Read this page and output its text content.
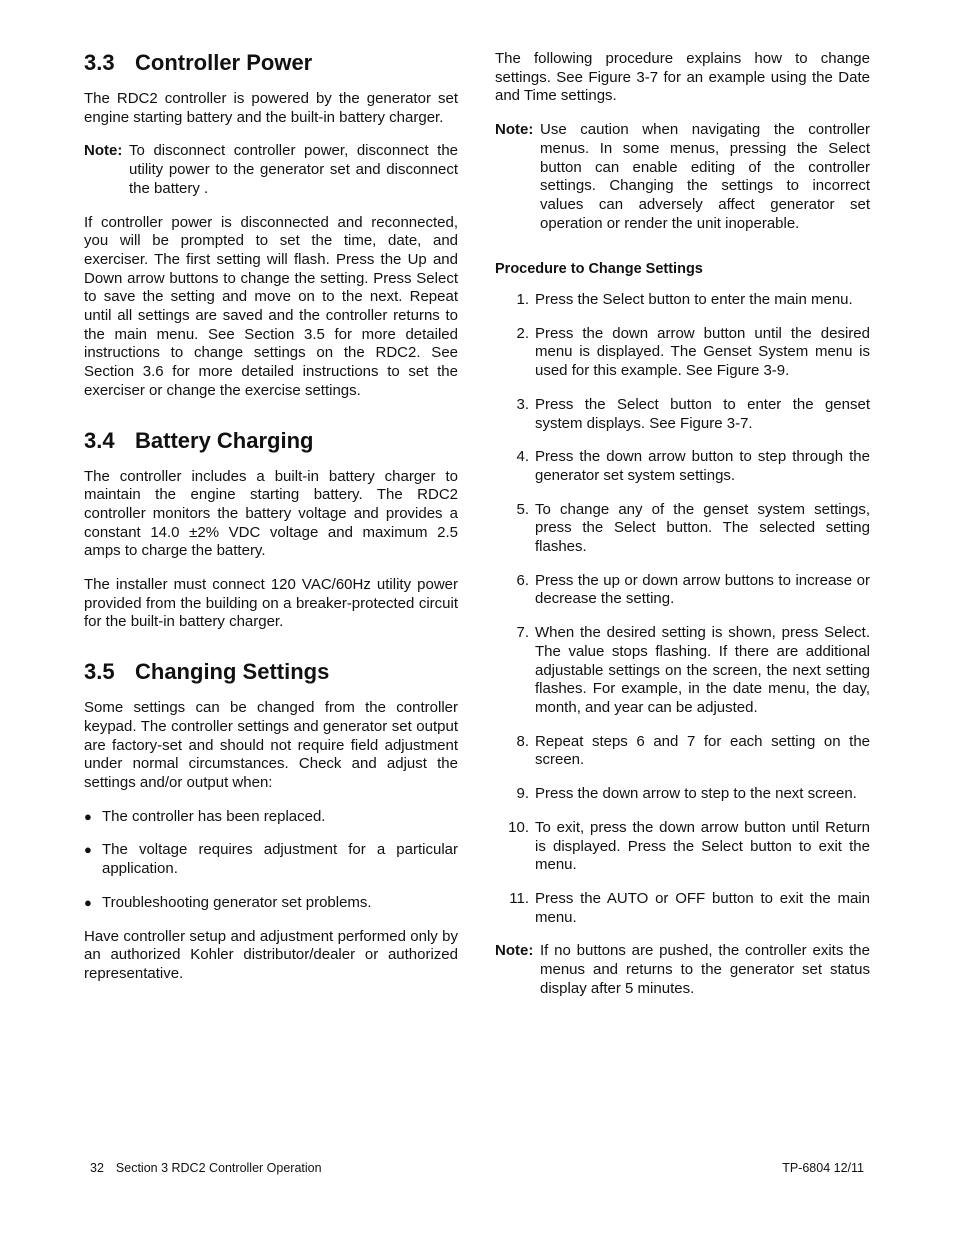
3.3 Controller Power

The RDC2 controller is powered by the generator set engine starting battery and the built-in battery charger.

Note: To disconnect controller power, disconnect the utility power to the generator set and disconnect the battery .

If controller power is disconnected and reconnected, you will be prompted to set the time, date, and exerciser. The first setting will flash. Press the Up and Down arrow buttons to change the setting. Press Select to save the setting and move on to the next. Repeat until all settings are saved and the controller returns to the main menu. See Section 3.5 for more detailed instructions to change settings on the RDC2. See Section 3.6 for more detailed instructions to set the exerciser or change the exercise settings.

3.4 Battery Charging

The controller includes a built-in battery charger to maintain the engine starting battery. The RDC2 controller monitors the battery voltage and provides a constant 14.0 ±2% VDC voltage and maximum 2.5 amps to charge the battery.

The installer must connect 120 VAC/60Hz utility power provided from the building on a breaker-protected circuit for the built-in battery charger.

3.5 Changing Settings

Some settings can be changed from the controller keypad. The controller settings and generator set output are factory-set and should not require field adjustment under normal circumstances. Check and adjust the settings and/or output when:

● The controller has been replaced.
● The voltage requires adjustment for a particular application.
● Troubleshooting generator set problems.

Have controller setup and adjustment performed only by an authorized Kohler distributor/dealer or authorized representative.

The following procedure explains how to change settings. See Figure 3-7 for an example using the Date and Time settings.

Note: Use caution when navigating the controller menus. In some menus, pressing the Select button can enable editing of the controller settings. Changing the settings to incorrect values can adversely affect generator set operation or render the unit inoperable.
Procedure to Change Settings
1. Press the Select button to enter the main menu.
2. Press the down arrow button until the desired menu is displayed. The Genset System menu is used for this example. See Figure 3-9.
3. Press the Select button to enter the genset system displays. See Figure 3-7.
4. Press the down arrow button to step through the generator set system settings.
5. To change any of the genset system settings, press the Select button. The selected setting flashes.
6. Press the up or down arrow buttons to increase or decrease the setting.
7. When the desired setting is shown, press Select. The value stops flashing. If there are additional adjustable settings on the screen, the next setting flashes. For example, in the date menu, the day, month, and year can be adjusted.
8. Repeat steps 6 and 7 for each setting on the screen.
9. Press the down arrow to step to the next screen.
10. To exit, press the down arrow button until Return is displayed. Press the Select button to exit the menu.
11. Press the AUTO or OFF button to exit the main menu.
Note: If no buttons are pushed, the controller exits the menus and returns to the generator set status display after 5 minutes.
32 Section 3 RDC2 Controller Operation	TP-6804 12/11
